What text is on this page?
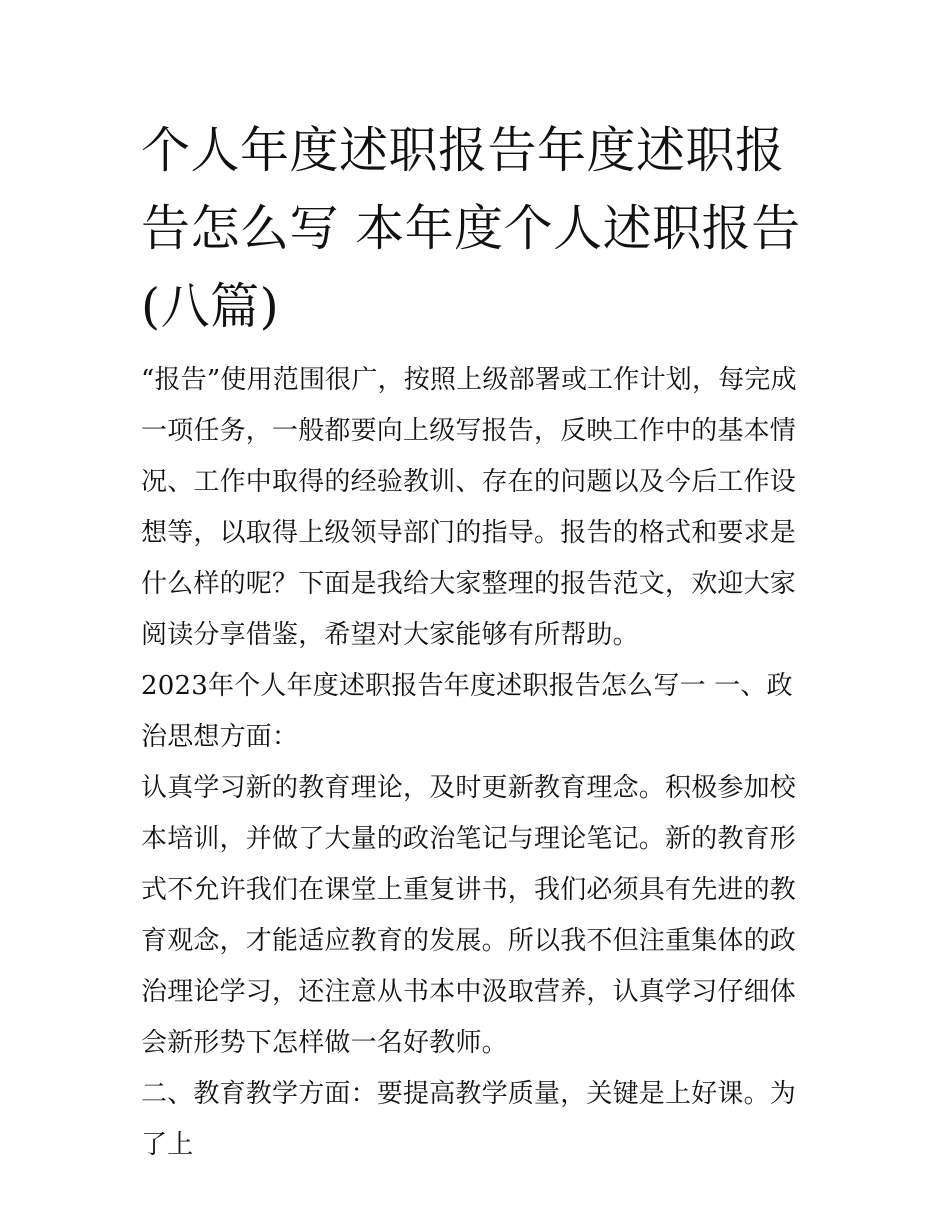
个人年度述职报告年度述职报告怎么写 本年度个人述职报告(八篇)

“报告”使用范围很广，按照上级部署或工作计划，每完成一项任务，一般都要向上级写报告，反映工作中的基本情况、工作中取得的经验教训、存在的问题以及今后工作设想等，以取得上级领导部门的指导。报告的格式和要求是什么样的呢？下面是我给大家整理的报告范文，欢迎大家阅读分享借鉴，希望对大家能够有所帮助。

2023年个人年度述职报告年度述职报告怎么写一 一、政治思想方面：

认真学习新的教育理论，及时更新教育理念。积极参加校本培训，并做了大量的政治笔记与理论笔记。新的教育形式不允许我们在课堂上重复讲书，我们必须具有先进的教育观念，才能适应教育的发展。所以我不但注重集体的政治理论学习，还注意从书本中汲取营养，认真学习仔细体会新形势下怎样做一名好教师。

二、教育教学方面：要提高教学质量，关键是上好课。为了上
